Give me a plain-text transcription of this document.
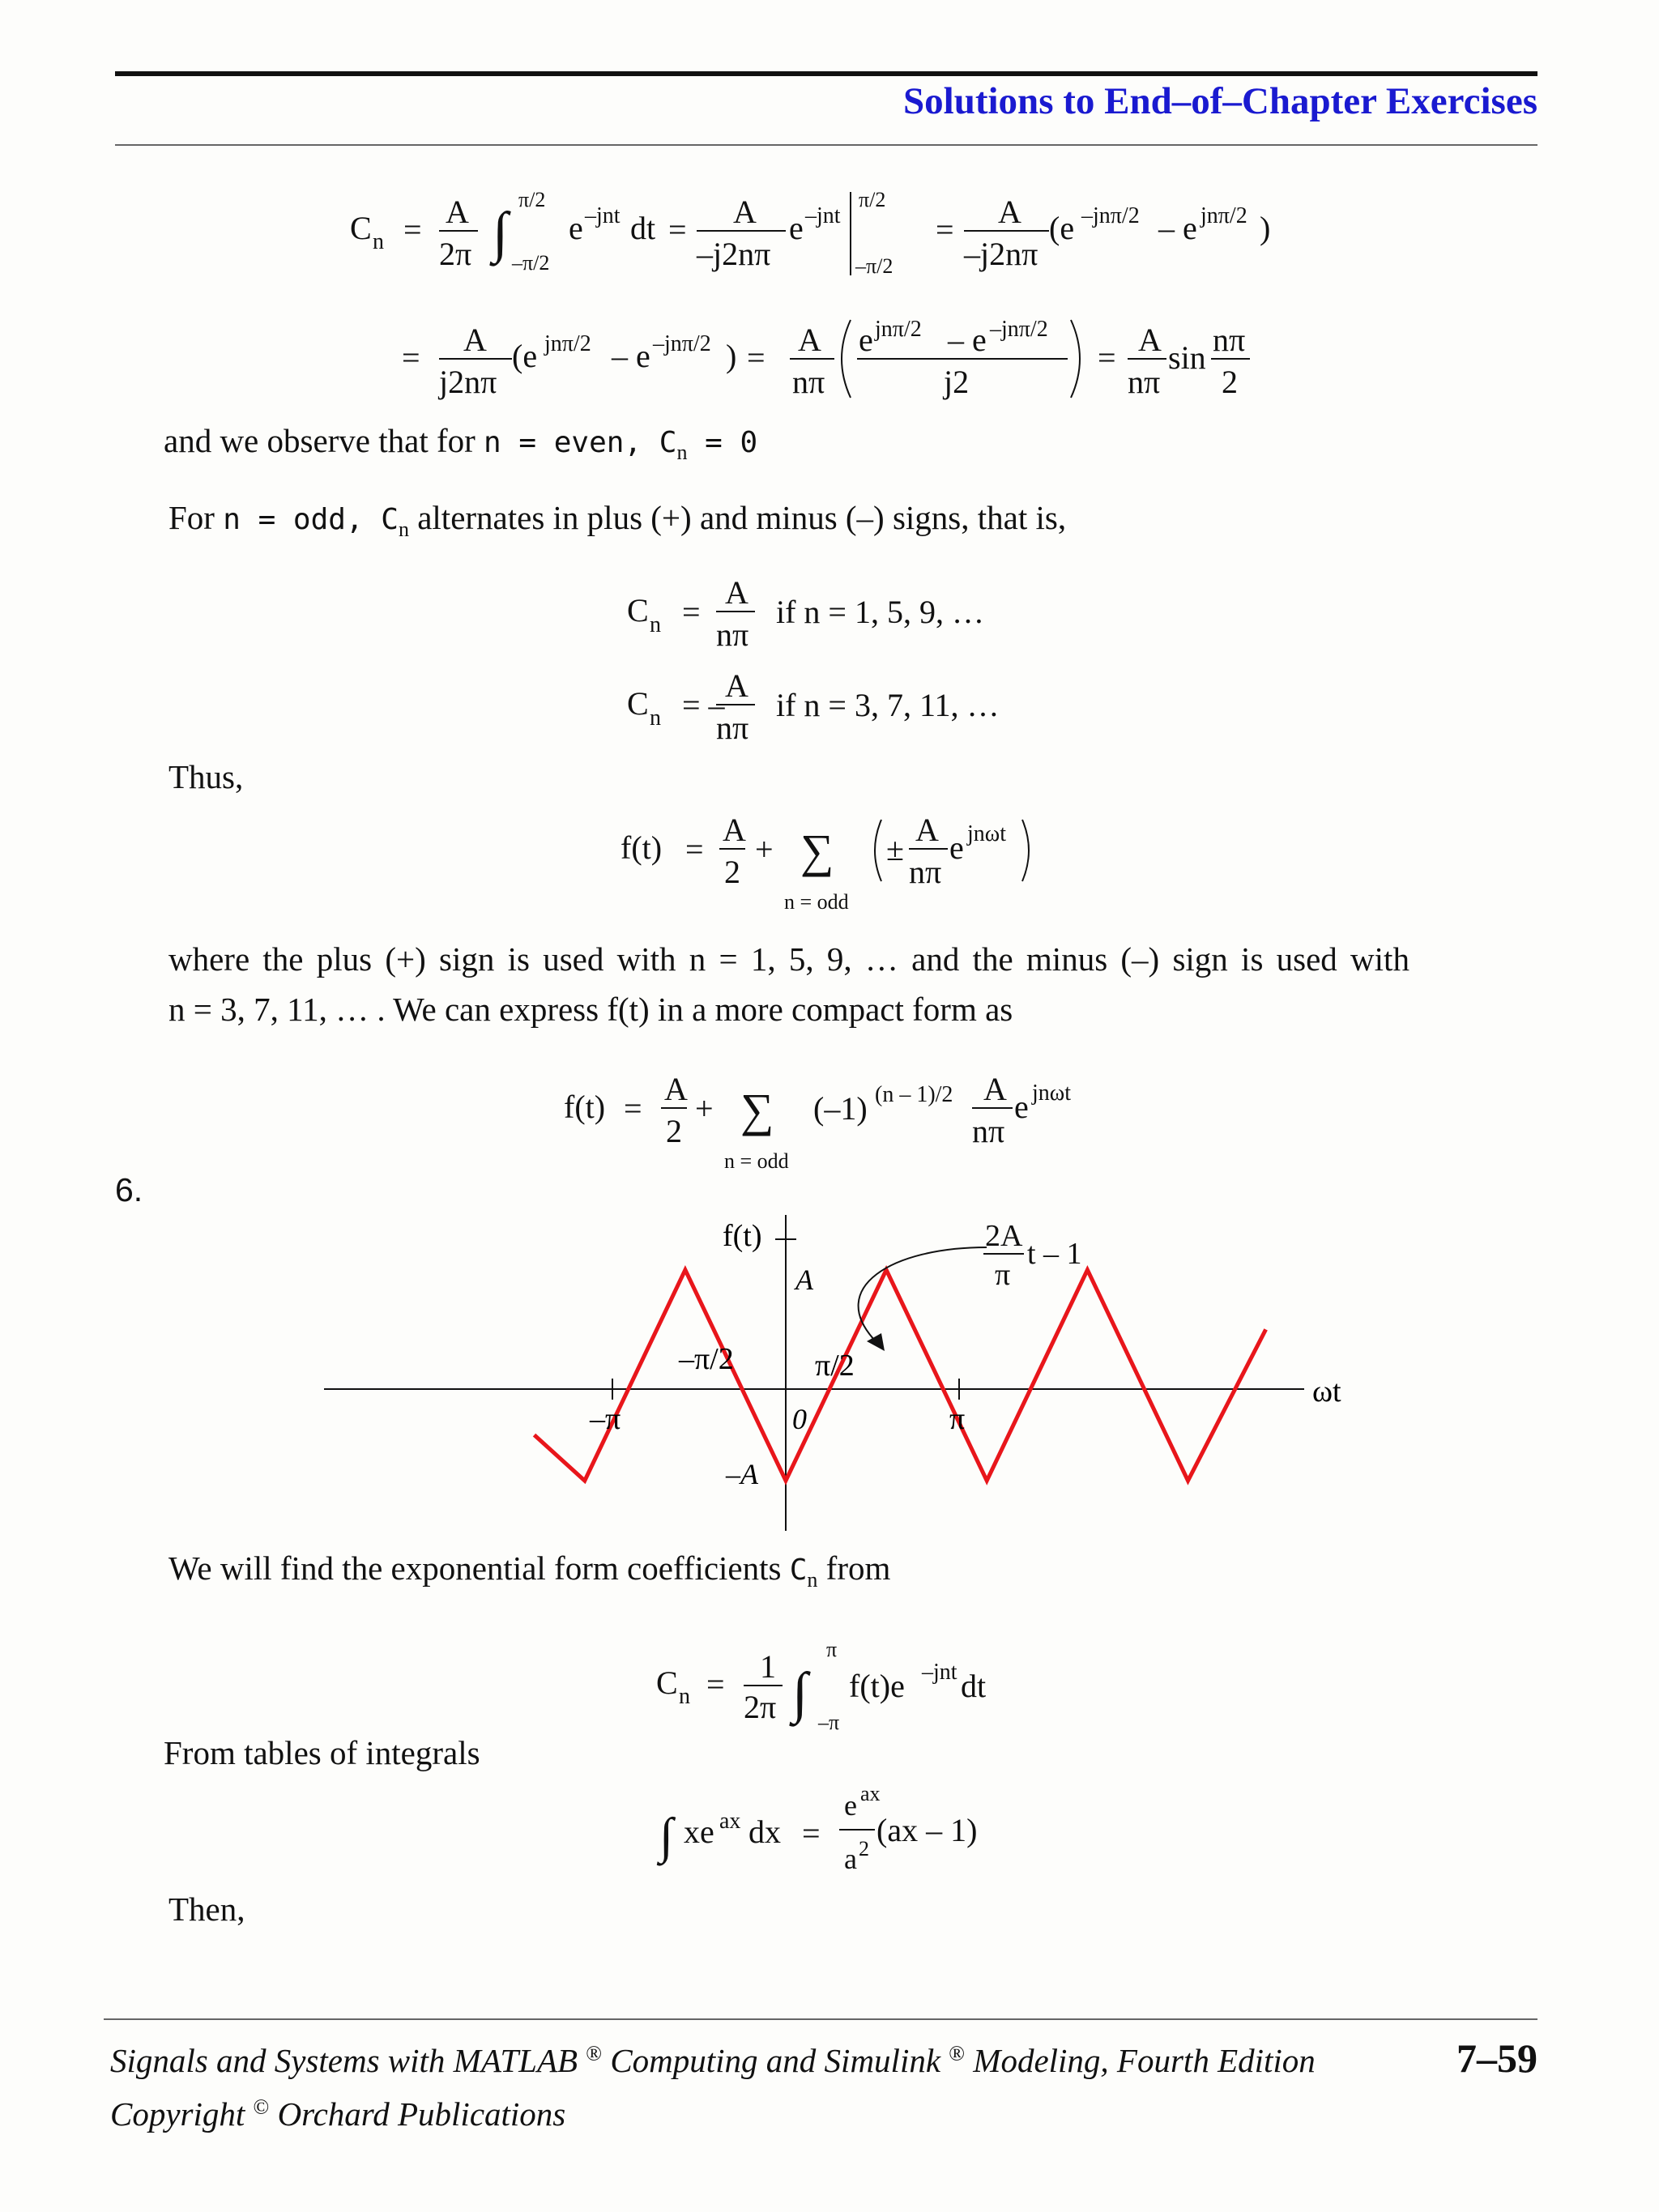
Solutions to End–of–Chapter Exercises
C n = A
2π ∫
π/2
–π/2
e –jnt dt = A
–j2nπ
e –jnt
π/2
–π/2
= A
–j2nπ
(e –jnπ/2 – e jnπ/2 )
= A
j2nπ
(e jnπ/2 – e –jnπ/2 ) = A
nπ
e jnπ/2 – e –jnπ/2
j2
= A
nπ
sin nπ
2
and we observe that for n = even, $C_n = 0$
For n = odd, $C_n$ alternates in plus (+) and minus (–) signs, that is,
C n =
A
nπ
if n = 1, 5, 9, …
C n = –
A
nπ
if n = 3, 7, 11, …
Thus,
f(t) =
A
2
+ ∑
n = odd
±
A
nπ
e jnωt
where the plus (+) sign is used with n = 1, 5, 9, … and the minus (–) sign is used with
n = 3, 7, 11, … . We can express f(t) in a more compact form as
f(t) =
A
2
+ ∑
n = odd
(–1) (n – 1)/2 A
nπ
e jnωt
6.
f(t)
A
–π/2	π/2
0
–π	π
–A
ωt
2A
π
t – 1
We will find the exponential form coefficients $C_n$ from
C n = 1
2π ∫
π
–π
f(t)e –jnt dt
From tables of integrals
∫ xe ax dx =
e ax
a 2
(ax – 1)
Then,
Signals and Systems with MATLAB ® Computing and Simulink ® Modeling, Fourth Edition	7–59
Copyright © Orchard Publications
